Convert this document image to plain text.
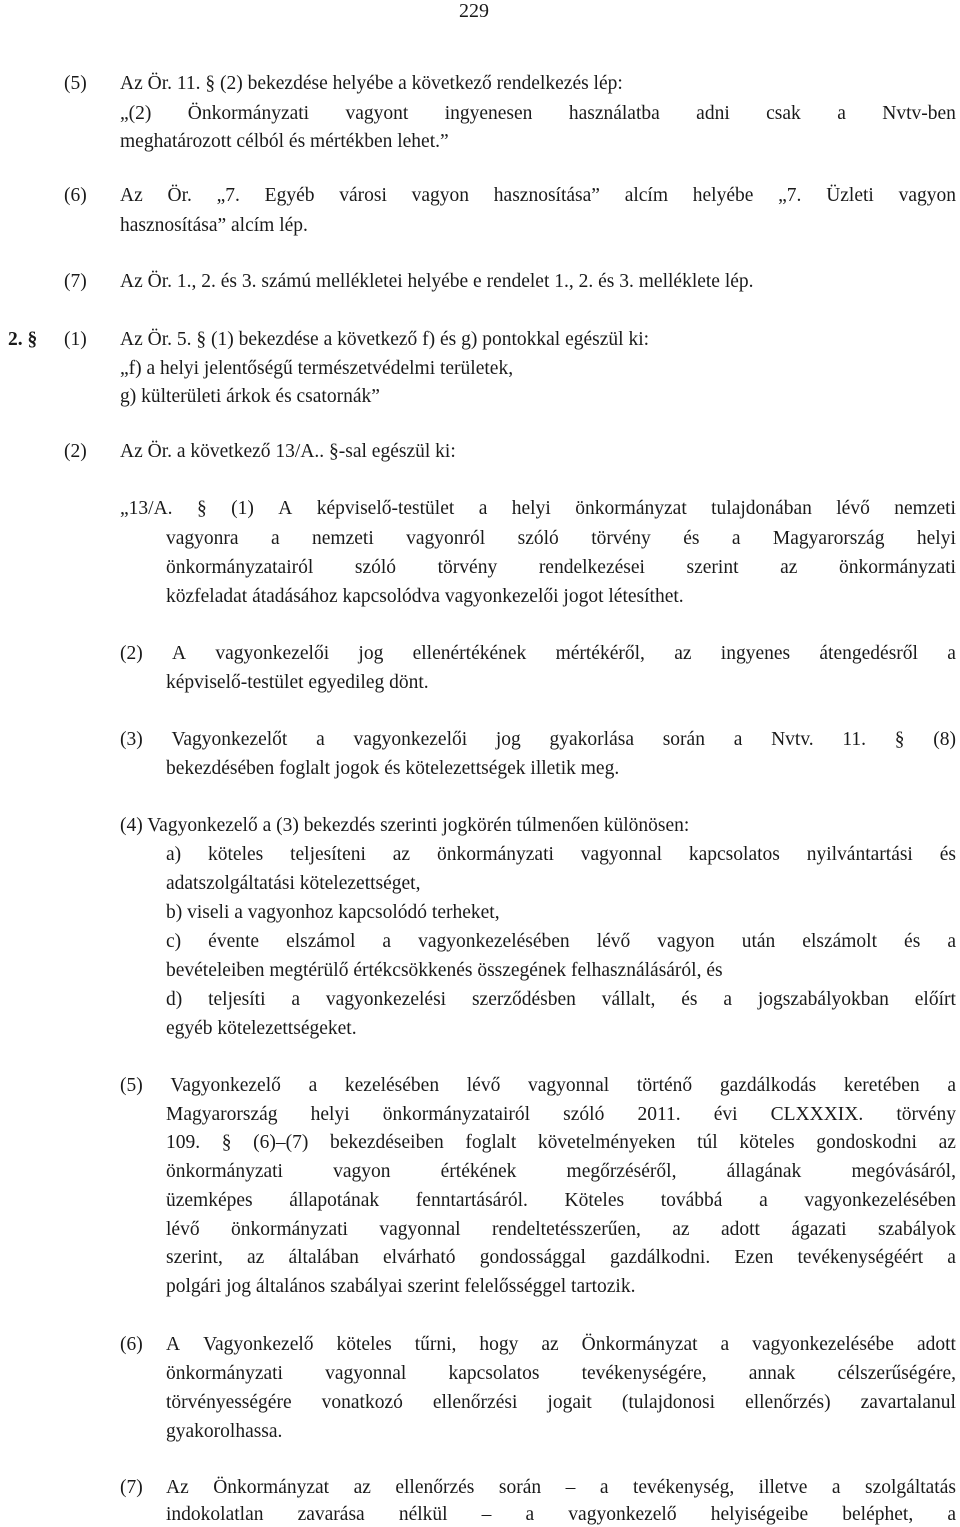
229
(5) Az Ör. 11. § (2) bekezdése helyébe a következő rendelkezés lép:
„(2) Önkormányzati vagyont ingyenesen használatba adni csak a Nvtv-ben
meghatározott célból és mértékben lehet.”
(6) Az Ör. „7. Egyéb városi vagyon hasznosítása” alcím helyébe „7. Üzleti vagyon
hasznosítása” alcím lép.
(7) Az Ör. 1., 2. és 3. számú mellékletei helyébe e rendelet 1., 2. és 3. melléklete lép.
2. § (1) Az Ör. 5. § (1) bekezdése a következő f) és g) pontokkal egészül ki:
„f) a helyi jelentőségű természetvédelmi területek,
g) külterületi árkok és csatornák”
(2) Az Ör. a következő 13/A.. §-sal egészül ki:
„13/A. § (1) A képviselő-testület a helyi önkormányzat tulajdonában lévő nemzeti
vagyonra a nemzeti vagyonról szóló törvény és a Magyarország helyi
önkormányzatairól szóló törvény rendelkezései szerint az önkormányzati
közfeladat átadásához kapcsolódva vagyonkezelői jogot létesíthet.
(2) A vagyonkezelői jog ellenértékének mértékéről, az ingyenes átengedésről a
képviselő-testület egyedileg dönt.
(3) Vagyonkezelőt a vagyonkezelői jog gyakorlása során a Nvtv. 11. § (8)
bekezdésében foglalt jogok és kötelezettségek illetik meg.
(4) Vagyonkezelő a (3) bekezdés szerinti jogkörén túlmenően különösen:
a) köteles teljesíteni az önkormányzati vagyonnal kapcsolatos nyilvántartási és
adatszolgáltatási kötelezettséget,
b) viseli a vagyonhoz kapcsolódó terheket,
c) évente elszámol a vagyonkezelésében lévő vagyon után elszámolt és a
bevételeiben megtérülő értékcsökkenés összegének felhasználásáról, és
d) teljesíti a vagyonkezelési szerződésben vállalt, és a jogszabályokban előírt
egyéb kötelezettségeket.
(5) Vagyonkezelő a kezelésében lévő vagyonnal történő gazdálkodás keretében a
Magyarország helyi önkormányzatairól szóló 2011. évi CLXXXIX. törvény
109. § (6)–(7) bekezdéseiben foglalt követelményeken túl köteles gondoskodni az
önkormányzati	vagyon	értékének	megőrzéséről,	állagának	megóvásáról,
üzemképes állapotának fenntartásáról. Köteles továbbá a vagyonkezelésében
lévő önkormányzati vagyonnal rendeltetésszerűen, az adott ágazati szabályok
szerint, az általában elvárható gondossággal gazdálkodni. Ezen tevékenységéért a
polgári jog általános szabályai szerint felelősséggel tartozik.
(6) A Vagyonkezelő köteles tűrni, hogy az Önkormányzat a vagyonkezelésébe adott
önkormányzati vagyonnal kapcsolatos tevékenységére, annak célszerűségére,
törvényességére vonatkozó ellenőrzési jogait (tulajdonosi ellenőrzés) zavartalanul
gyakorolhassa.
(7) Az Önkormányzat az ellenőrzés során – a tevékenység, illetve a szolgáltatás
indokolatlan zavarása nélkül – a vagyonkezelő helyiségeibe beléphet, a
